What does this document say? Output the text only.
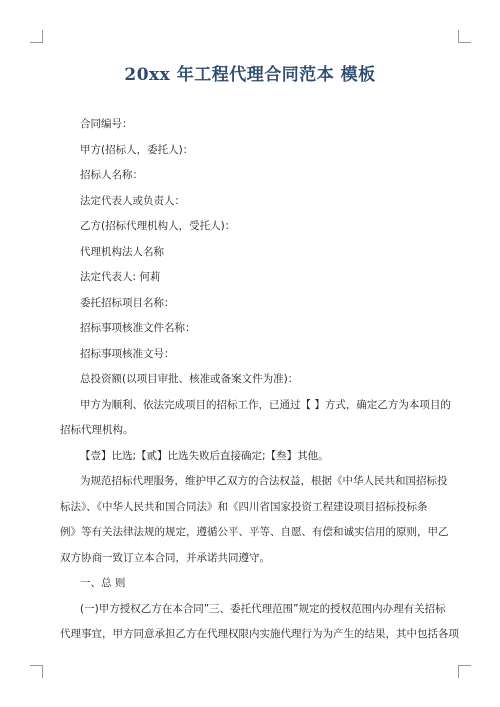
20xx 年工程代理合同范本 模板
合同编号：
甲方(招标人，委托人)：
招标人名称：
法定代表人或负责人：
乙方(招标代理机构人，受托人)：
代理机构法人名称
法定代表人: 何莉
委托招标项目名称：
招标事项核准文件名称：
招标事项核准文号：
总投资额(以项目审批、核准或备案文件为准)：
甲方为顺利、依法完成项目的招标工作，已通过【 】方式，确定乙方为本项目的
招标代理机构。
【壹】比选;【贰】比选失败后直接确定;【叁】其他。
为规范招标代理服务，维护甲乙双方的合法权益，根据《中华人民共和国招标投
标法》、《中华人民共和国合同法》和《四川省国家投资工程建设项目招标投标条
例》等有关法律法规的规定，遵循公平、平等、自愿、有偿和诚实信用的原则，甲乙
双方协商一致订立本合同，并承诺共同遵守。
一、总 则
(一)甲方授权乙方在本合同”三、委托代理范围”规定的授权范围内办理有关招标
代理事宜，甲方同意承担乙方在代理权限内实施代理行为为产生的结果，其中包括各项
